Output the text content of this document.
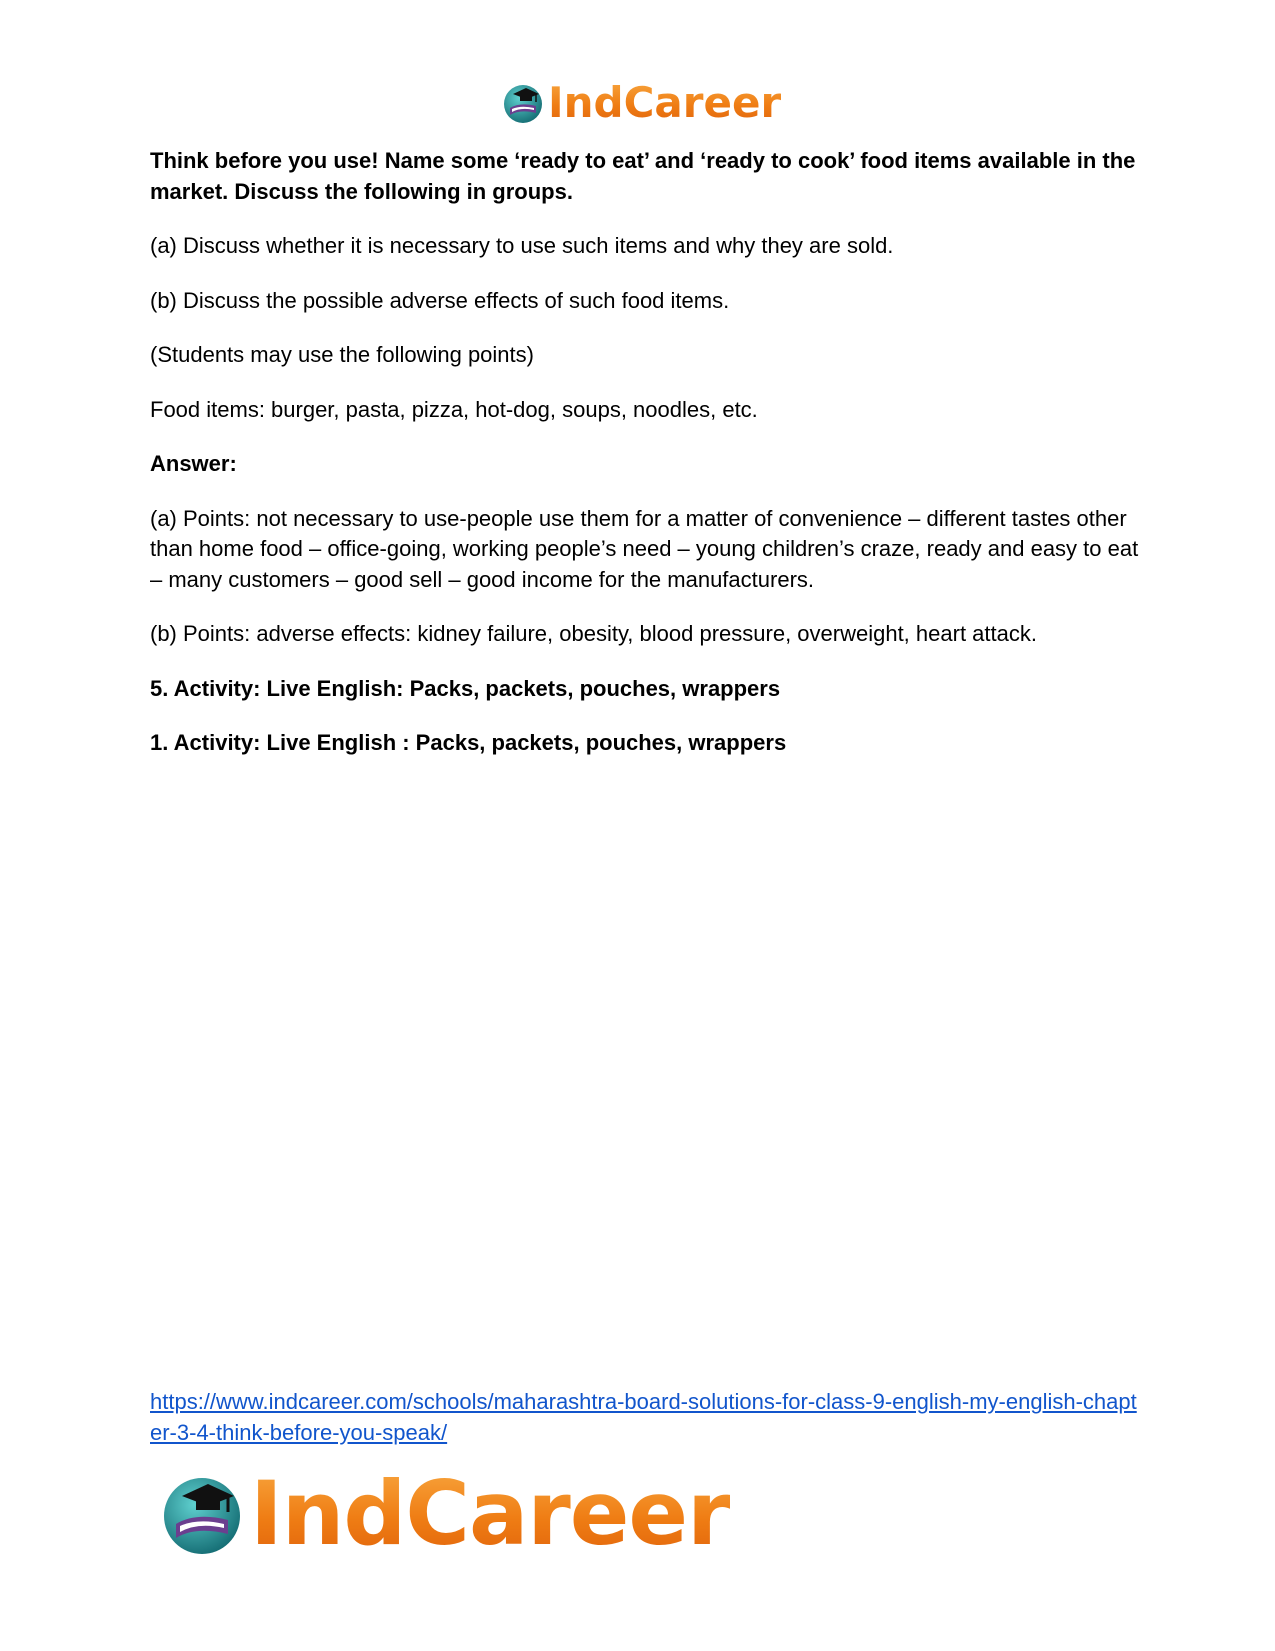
IndCareer

Think before you use! Name some ‘ready to eat’ and ‘ready to cook’ food items available in the market. Discuss the following in groups.

(a) Discuss whether it is necessary to use such items and why they are sold.

(b) Discuss the possible adverse effects of such food items.

(Students may use the following points)

Food items: burger, pasta, pizza, hot-dog, soups, noodles, etc.

Answer:

(a) Points: not necessary to use-people use them for a matter of convenience – different tastes other than home food – office-going, working people’s need – young children’s craze, ready and easy to eat – many customers – good sell – good income for the manufacturers.

(b) Points: adverse effects: kidney failure, obesity, blood pressure, overweight, heart attack.

5. Activity: Live English: Packs, packets, pouches, wrappers

1. Activity: Live English : Packs, packets, pouches, wrappers

https://www.indcareer.com/schools/maharashtra-board-solutions-for-class-9-english-my-english-chapter-3-4-think-before-you-speak/
IndCareer
